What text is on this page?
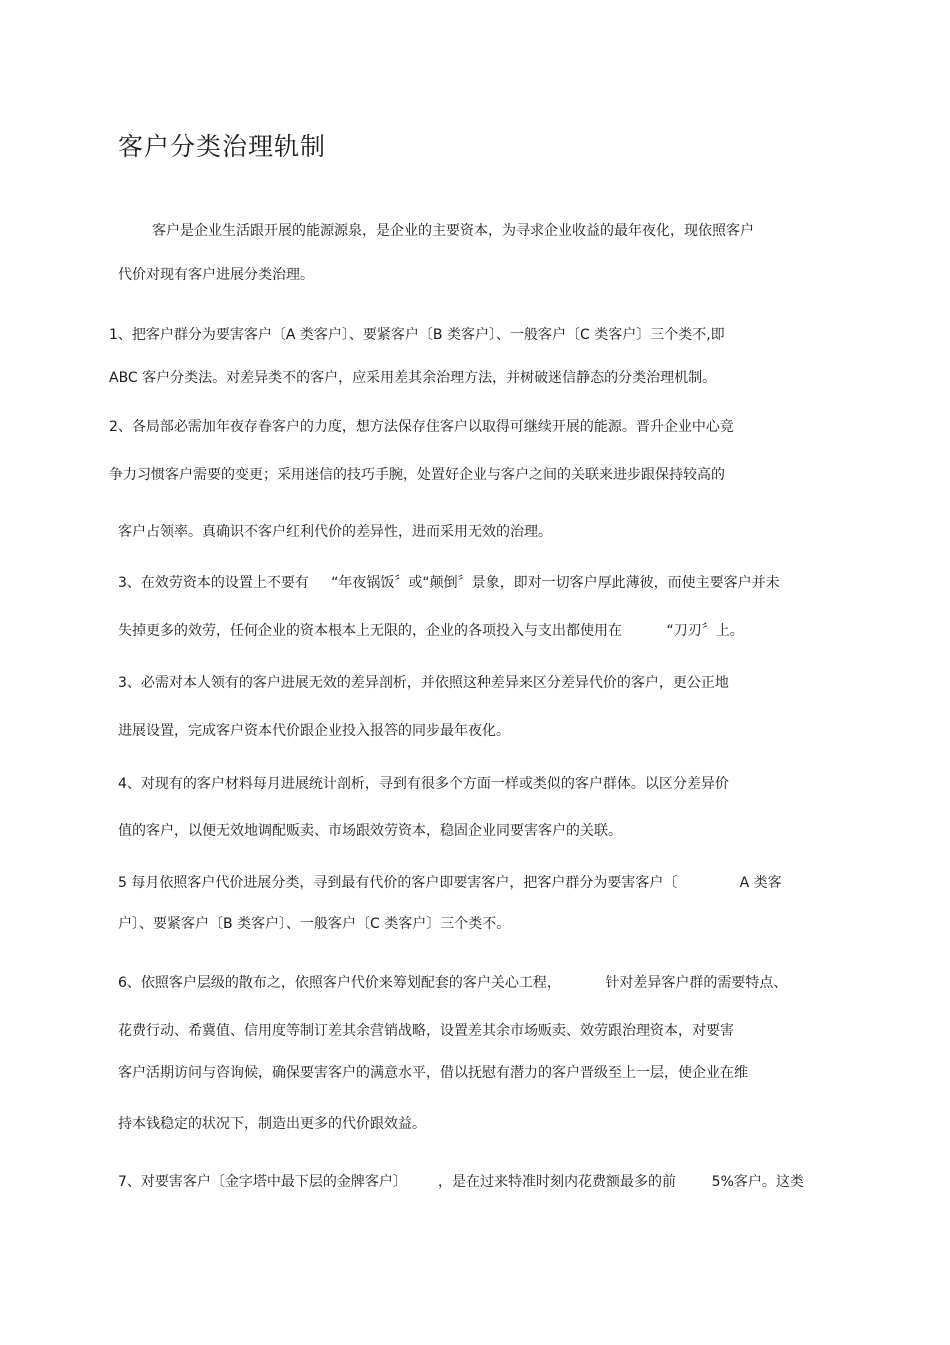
客户分类治理轨制
客户是企业生活跟开展的能源源泉，是企业的主要资本，为寻求企业收益的最年夜化，现依照客户
代价对现有客户进展分类治理。
1、把客户群分为要害客户〔A 类客户〕、要紧客户〔B 类客户〕、一般客户〔C 类客户〕三个类不,即
ABC 客户分类法。对差异类不的客户，应采用差其余治理方法，并树破迷信静态的分类治理机制。
2、各局部必需加年夜存眷客户的力度，想方法保存住客户以取得可继续开展的能源。晋升企业中心竞
争力习惯客户需要的变更；采用迷信的技巧手腕，处置好企业与客户之间的关联来进步跟保持较高的
客户占领率。真确识不客户红利代价的差异性，进而采用无效的治理。
3、在效劳资本的设置上不要有     “年夜锅饭〞或“颠倒〞景象，即对一切客户厚此薄彼，而使主要客户并未
失掉更多的效劳，任何企业的资本根本上无限的，企业的各项投入与支出都使用在          “刀刃〞上。
3、必需对本人领有的客户进展无效的差异剖析，并依照这种差异来区分差异代价的客户，更公正地
进展设置，完成客户资本代价跟企业投入报答的同步最年夜化。
4、对现有的客户材料每月进展统计剖析，寻到有很多个方面一样或类似的客户群体。以区分差异价
值的客户，以便无效地调配贩卖、市场跟效劳资本，稳固企业同要害客户的关联。
5 每月依照客户代价进展分类，寻到最有代价的客户即要害客户，把客户群分为要害客户〔              A 类客
户〕、要紧客户〔B 类客户〕、一般客户〔C 类客户〕三个类不。
6、依照客户层级的散布之，依照客户代价来筹划配套的客户关心工程，          针对差异客户群的需要特点、
花费行动、希冀值、信用度等制订差其余营销战略，设置差其余市场贩卖、效劳跟治理资本，对要害
客户活期访问与咨询候，确保要害客户的满意水平，借以抚慰有潜力的客户晋级至上一层，使企业在维
持本钱稳定的状况下，制造出更多的代价跟效益。
7、对要害客户〔金字塔中最下层的金牌客户〕       ，是在过来特准时刻内花费额最多的前        5%客户。这类
